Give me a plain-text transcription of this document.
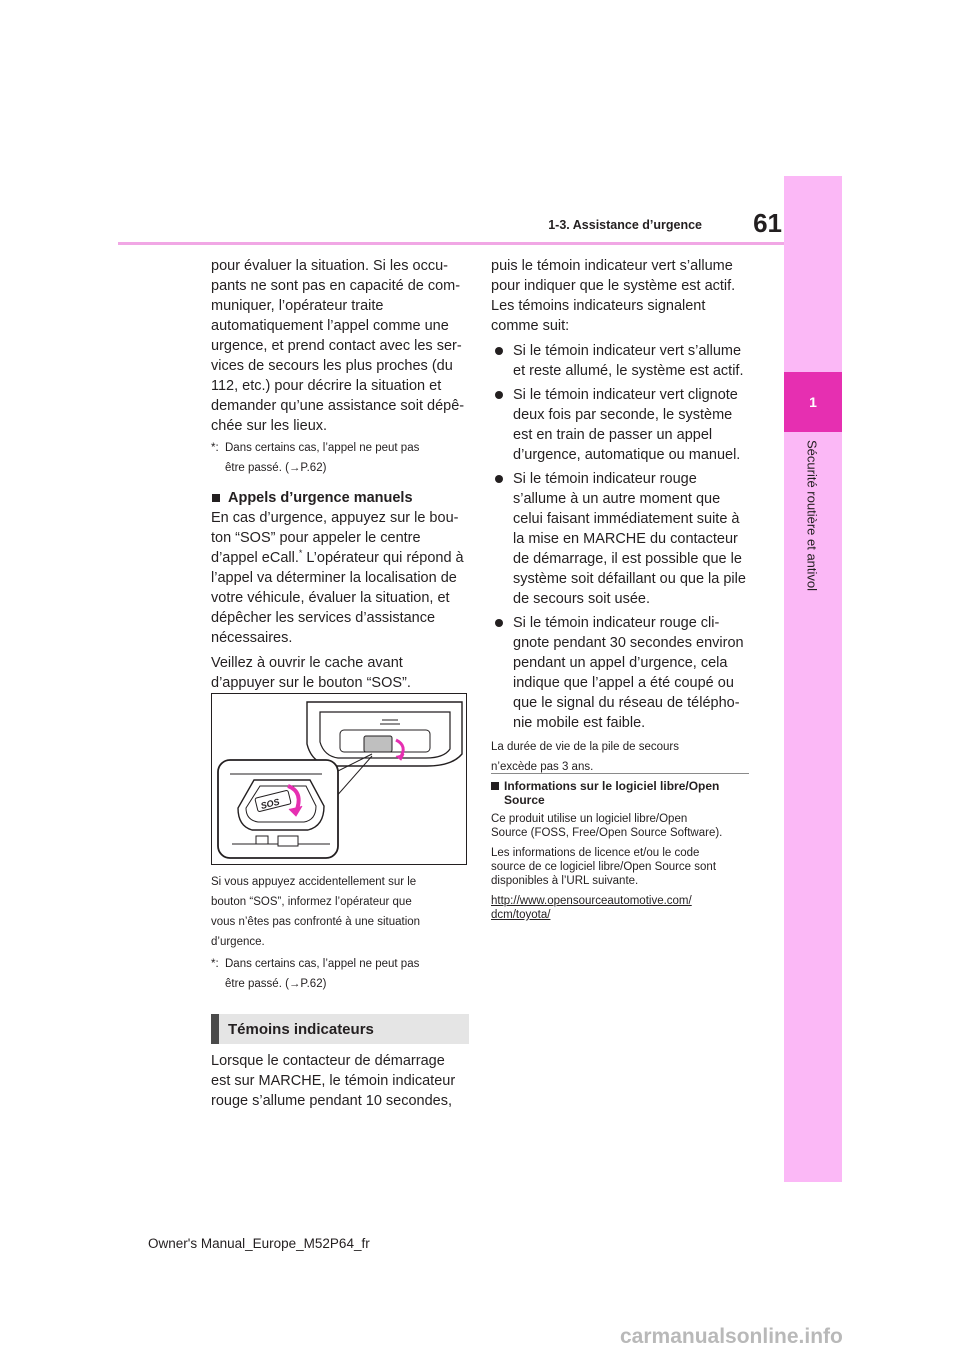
61
1-3. Assistance d’urgence
1
Sécurité routière et antivol

pour évaluer la situation. Si les occu-
pants ne sont pas en capacité de com-
muniquer, l’opérateur traite
automatiquement l’appel comme une
urgence, et prend contact avec les ser-
vices de secours les plus proches (du
112, etc.) pour décrire la situation et
demander qu’une assistance soit dépê-
chée sur les lieux.

*: Dans certains cas, l’appel ne peut pas
être passé. (→P.62)
Appels d’urgence manuels

En cas d’urgence, appuyez sur le bou-
ton “SOS” pour appeler le centre
d’appel eCall.* L’opérateur qui répond à
l’appel va déterminer la localisation de
votre véhicule, évaluer la situation, et
dépêcher les services d’assistance
nécessaires.

Veillez à ouvrir le cache avant
d’appuyer sur le bouton “SOS”.

SOS

Si vous appuyez accidentellement sur le
bouton “SOS”, informez l’opérateur que
vous n’êtes pas confronté à une situation
d’urgence.

*: Dans certains cas, l’appel ne peut pas
être passé. (→P.62)
Témoins indicateurs

Lorsque le contacteur de démarrage
est sur MARCHE, le témoin indicateur
rouge s’allume pendant 10 secondes,

puis le témoin indicateur vert s’allume
pour indiquer que le système est actif.
Les témoins indicateurs signalent
comme suit:

Si le témoin indicateur vert s’allume
et reste allumé, le système est actif.
Si le témoin indicateur vert clignote
deux fois par seconde, le système
est en train de passer un appel
d’urgence, automatique ou manuel.
Si le témoin indicateur rouge
s’allume à un autre moment que
celui faisant immédiatement suite à
la mise en MARCHE du contacteur
de démarrage, il est possible que le
système soit défaillant ou que la pile
de secours soit usée.
Si le témoin indicateur rouge cli-
gnote pendant 30 secondes environ
pendant un appel d’urgence, cela
indique que l’appel a été coupé ou
que le signal du réseau de télépho-
nie mobile est faible.

La durée de vie de la pile de secours
n’excède pas 3 ans.

Informations sur le logiciel libre/Open
Source

Ce produit utilise un logiciel libre/Open
Source (FOSS, Free/Open Source Software).

Les informations de licence et/ou le code
source de ce logiciel libre/Open Source sont
disponibles à l’URL suivante.

http://www.opensourceautomotive.com/
dcm/toyota/

Owner's Manual_Europe_M52P64_fr
carmanualsonline.info
